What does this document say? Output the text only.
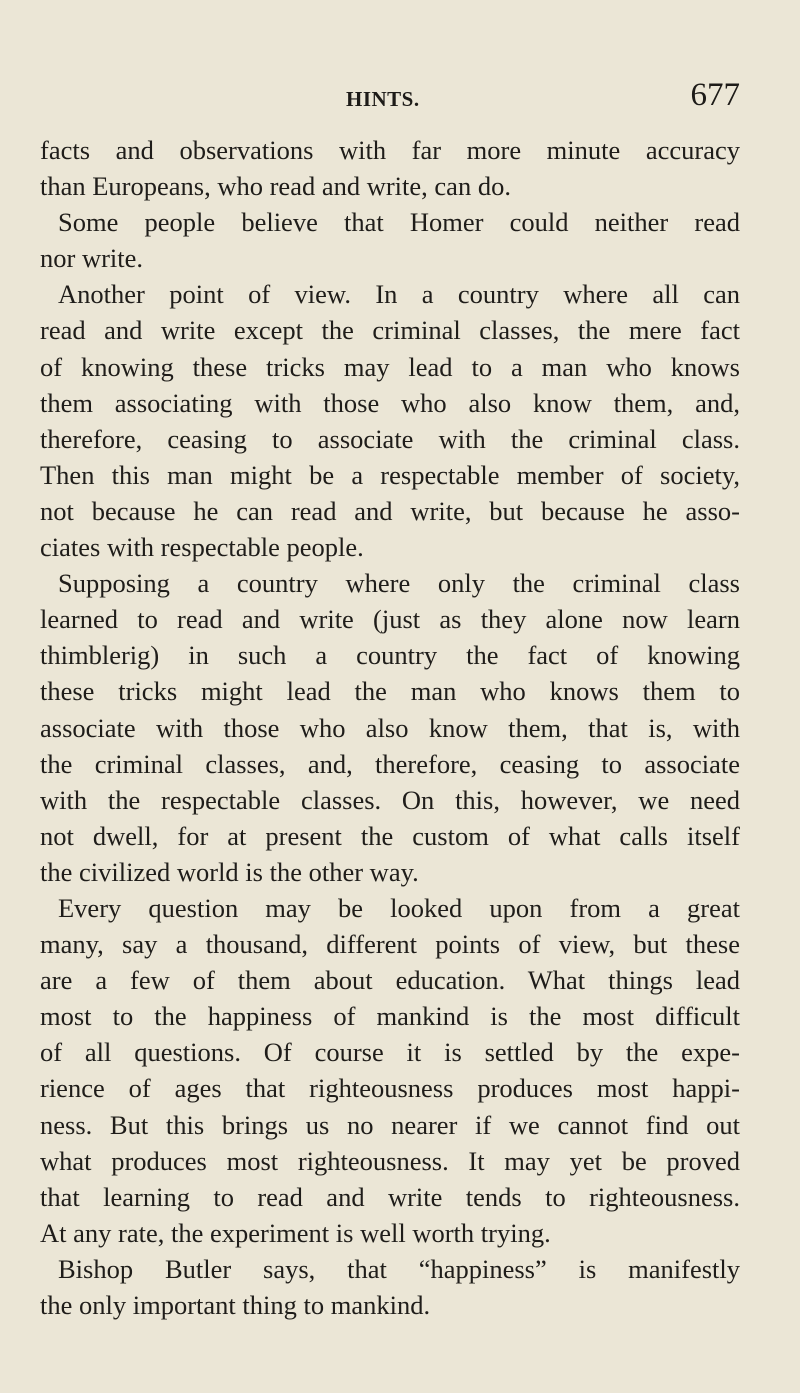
HINTS.	677
facts and observations with far more minute accuracy
than Europeans, who read and write, can do.
Some people believe that Homer could neither read
nor write.
Another point of view. In a country where all can
read and write except the criminal classes, the mere fact
of knowing these tricks may lead to a man who knows
them associating with those who also know them, and,
therefore, ceasing to associate with the criminal class.
Then this man might be a respectable member of society,
not because he can read and write, but because he asso-
ciates with respectable people.
Supposing a country where only the criminal class
learned to read and write (just as they alone now learn
thimblerig) in such a country the fact of knowing
these tricks might lead the man who knows them to
associate with those who also know them, that is, with
the criminal classes, and, therefore, ceasing to associate
with the respectable classes. On this, however, we need
not dwell, for at present the custom of what calls itself
the civilized world is the other way.
Every question may be looked upon from a great
many, say a thousand, different points of view, but these
are a few of them about education. What things lead
most to the happiness of mankind is the most difficult
of all questions. Of course it is settled by the expe-
rience of ages that righteousness produces most happi-
ness. But this brings us no nearer if we cannot find out
what produces most righteousness. It may yet be proved
that learning to read and write tends to righteousness.
At any rate, the experiment is well worth trying.
Bishop Butler says, that “happiness” is manifestly
the only important thing to mankind.
